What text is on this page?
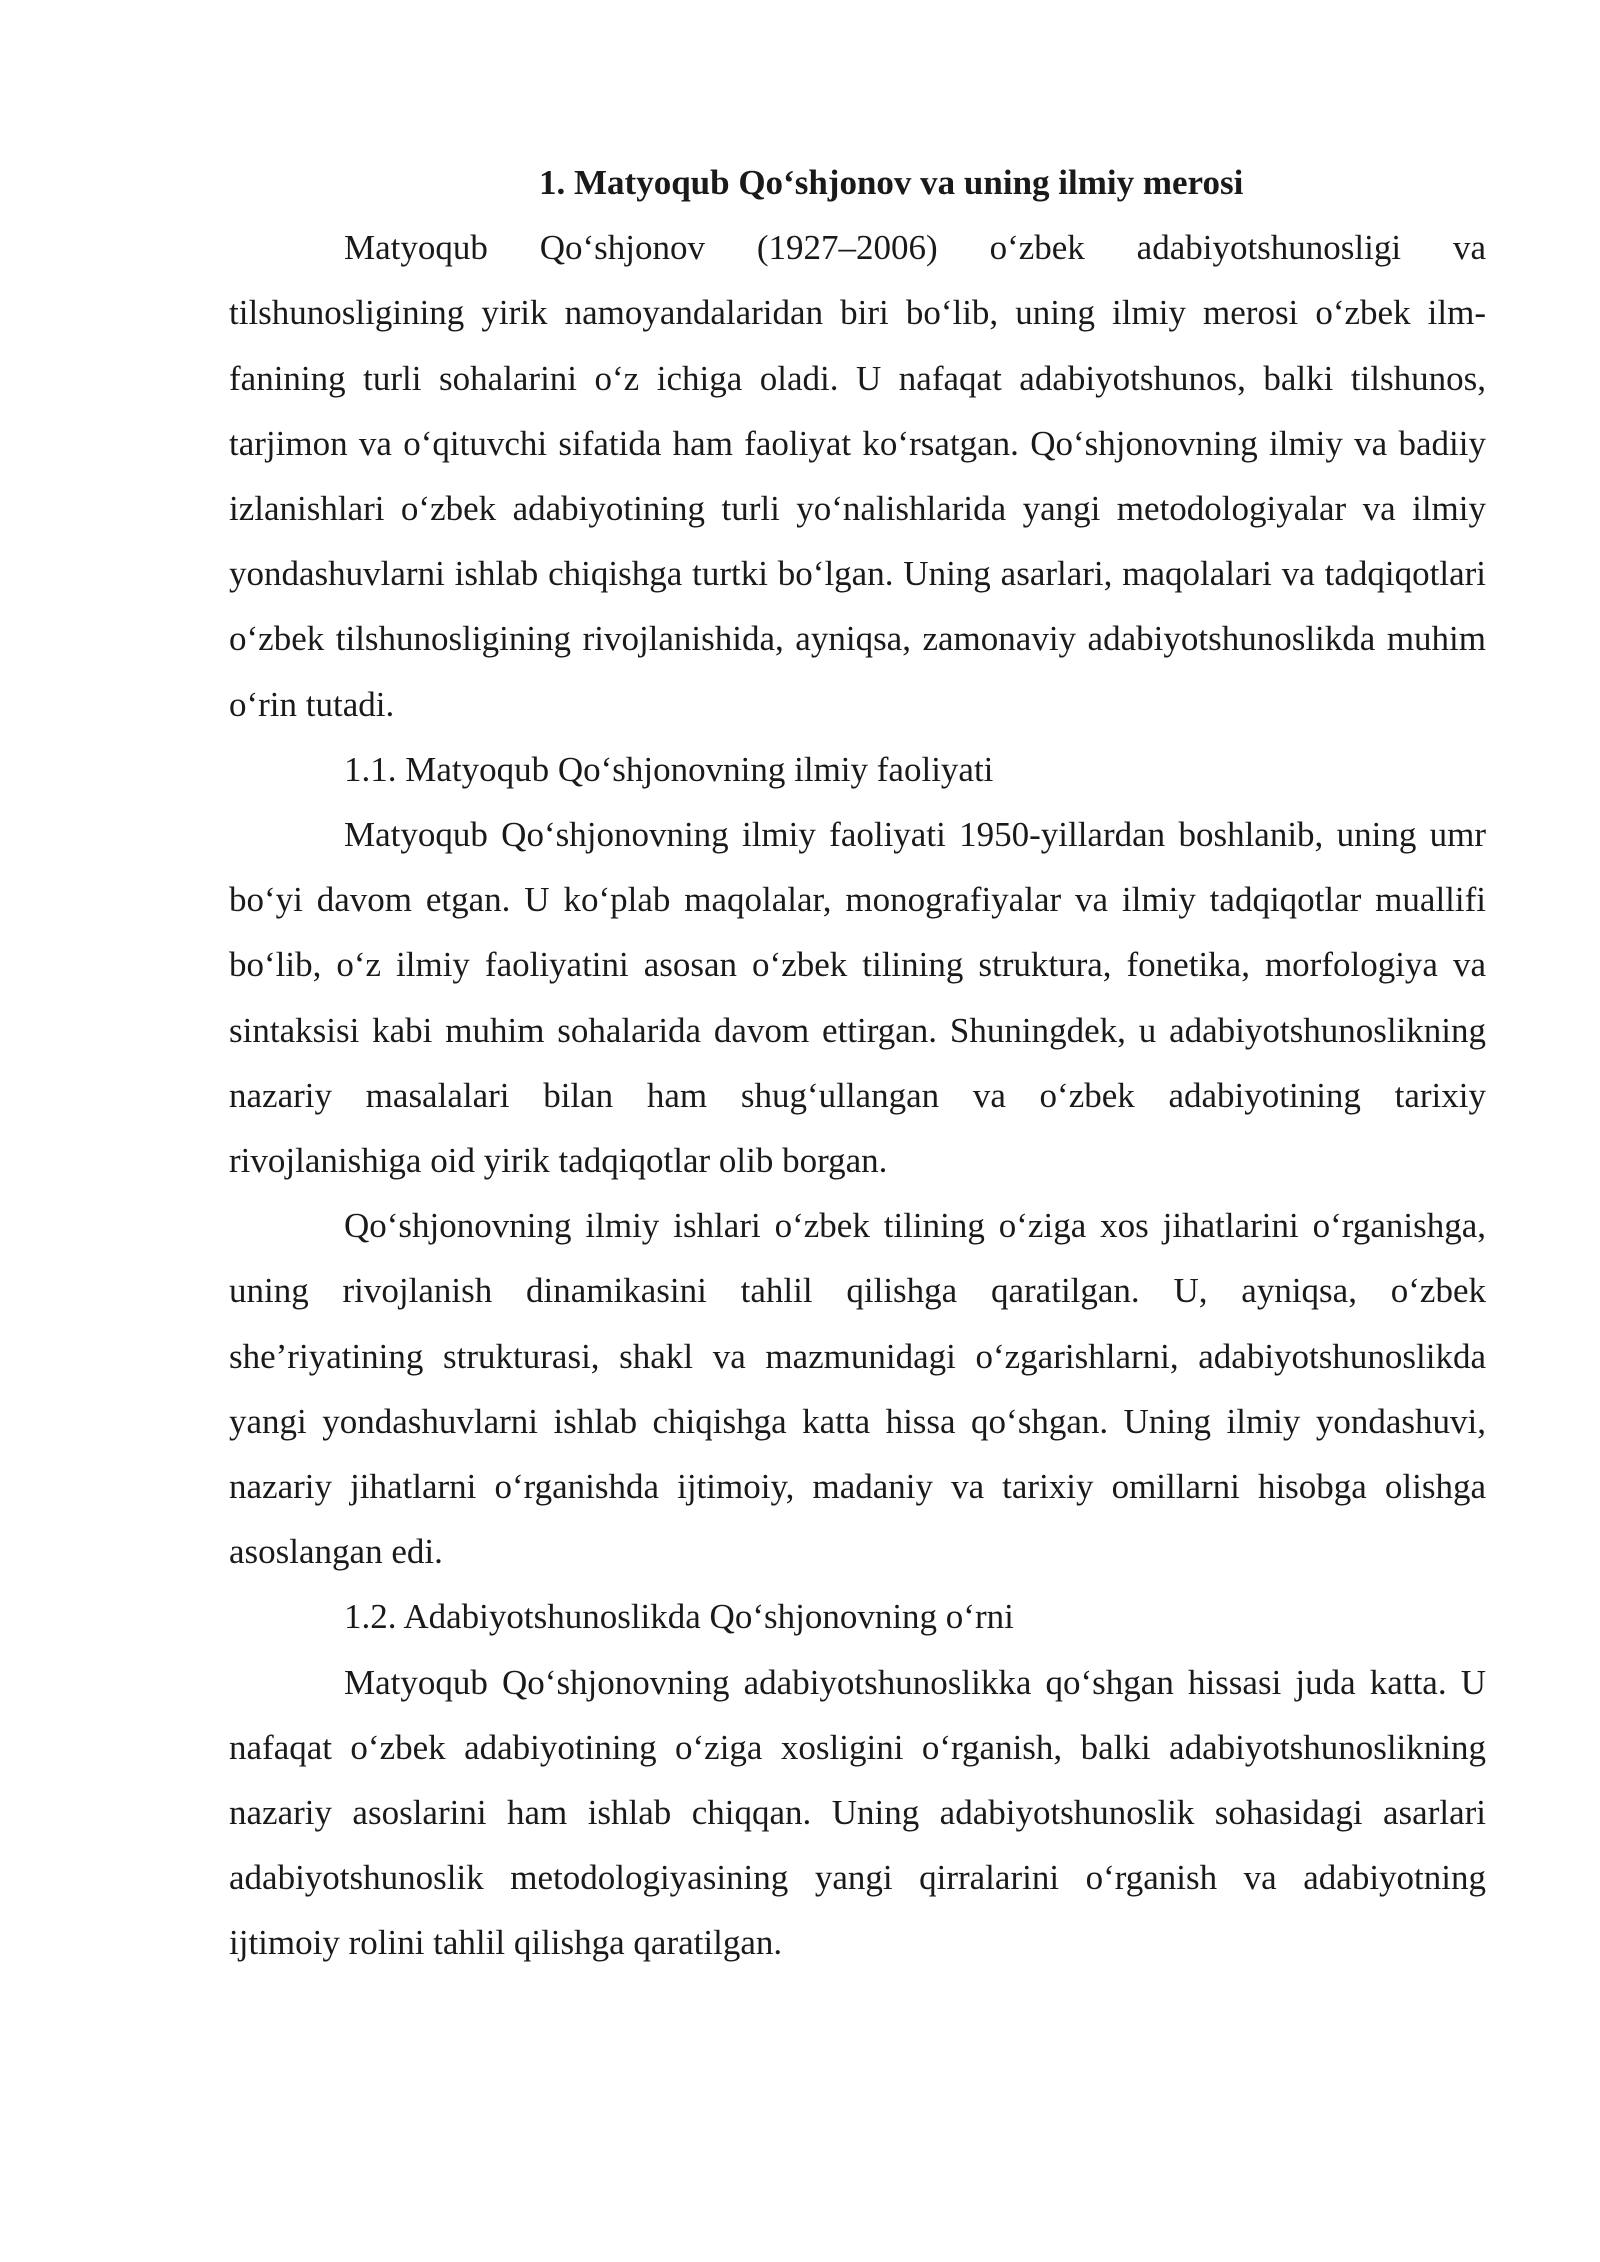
1. Matyoqub Qo‘shjonov va uning ilmiy merosi

Matyoqub Qo‘shjonov (1927–2006) o‘zbek adabiyotshunosligi va tilshunosligining yirik namoyandalaridan biri bo‘lib, uning ilmiy merosi o‘zbek ilm-fanining turli sohalarini o‘z ichiga oladi. U nafaqat adabiyotshunos, balki tilshunos, tarjimon va o‘qituvchi sifatida ham faoliyat ko‘rsatgan. Qo‘shjonovning ilmiy va badiiy izlanishlari o‘zbek adabiyotining turli yo‘nalishlarida yangi metodologiyalar va ilmiy yondashuvlarni ishlab chiqishga turtki bo‘lgan. Uning asarlari, maqolalari va tadqiqotlari o‘zbek tilshunosligining rivojlanishida, ayniqsa, zamonaviy adabiyotshunoslikda muhim o‘rin tutadi.

1.1. Matyoqub Qo‘shjonovning ilmiy faoliyati

Matyoqub Qo‘shjonovning ilmiy faoliyati 1950-yillardan boshlanib, uning umr bo‘yi davom etgan. U ko‘plab maqolalar, monografiyalar va ilmiy tadqiqotlar muallifi bo‘lib, o‘z ilmiy faoliyatini asosan o‘zbek tilining struktura, fonetika, morfologiya va sintaksisi kabi muhim sohalarida davom ettirgan. Shuningdek, u adabiyotshunoslikning nazariy masalalari bilan ham shug‘ullangan va o‘zbek adabiyotining tarixiy rivojlanishiga oid yirik tadqiqotlar olib borgan.

Qo‘shjonovning ilmiy ishlari o‘zbek tilining o‘ziga xos jihatlarini o‘rganishga, uning rivojlanish dinamikasini tahlil qilishga qaratilgan. U, ayniqsa, o‘zbek she’riyatining strukturasi, shakl va mazmunidagi o‘zgarishlarni, adabiyotshunoslikda yangi yondashuvlarni ishlab chiqishga katta hissa qo‘shgan. Uning ilmiy yondashuvi, nazariy jihatlarni o‘rganishda ijtimoiy, madaniy va tarixiy omillarni hisobga olishga asoslangan edi.

1.2. Adabiyotshunoslikda Qo‘shjonovning o‘rni

Matyoqub Qo‘shjonovning adabiyotshunoslikka qo‘shgan hissasi juda katta. U nafaqat o‘zbek adabiyotining o‘ziga xosligini o‘rganish, balki adabiyotshunoslikning nazariy asoslarini ham ishlab chiqqan. Uning adabiyotshunoslik sohasidagi asarlari adabiyotshunoslik metodologiyasining yangi qirralarini o‘rganish va adabiyotning ijtimoiy rolini tahlil qilishga qaratilgan.
